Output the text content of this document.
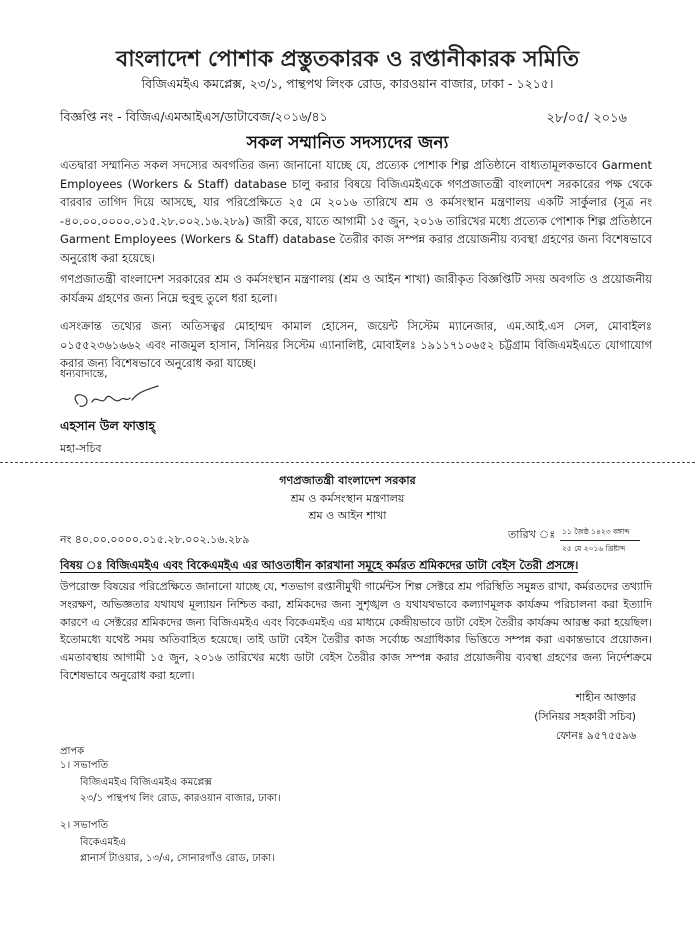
বাংলাদেশ পোশাক প্রস্তুতকারক ও রপ্তানীকারক সমিতি
বিজিএমইএ কমপ্লেক্স, ২৩/১, পান্থপথ লিংক রোড, কারওয়ান বাজার, ঢাকা - ১২১৫।
বিজ্ঞপ্তি নং - বিজিএ/এমআইএস/ডাটাবেজ/২০১৬/৪১	২৮/০৫/ ২০১৬
সকল সম্মানিত সদস্যদের জন্য
এতদ্বারা সম্মানিত সকল সদস্যের অবগতির জন্য জানানো যাচ্ছে যে, প্রত্যেক পোশাক শিল্প প্রতিষ্ঠানে বাধ্যতামূলকভাবে Garment Employees (Workers & Staff) database চালু করার বিষয়ে বিজিএমইএকে গণপ্রজাতন্ত্রী বাংলাদেশ সরকারের পক্ষ থেকে বারবার তাগিদ দিয়ে আসছে, যার পরিপ্রেক্ষিতে ২৫ মে ২০১৬ তারিখে শ্রম ও কর্মসংস্থান মন্ত্রণালয় একটি সার্কুলার (সূত্র নং -৪০.০০.০০০০.০১৫.২৮.০০২.১৬.২৮৯) জারী করে, যাতে আগামী ১৫ জুন, ২০১৬ তারিখের মধ্যে প্রত্যেক পোশাক শিল্প প্রতিষ্ঠানে Garment Employees (Workers & Staff) database তৈরীর কাজ সম্পন্ন করার প্রয়োজনীয় ব্যবস্থা গ্রহণের জন্য বিশেষভাবে অনুরোধ করা হয়েছে।
গণপ্রজাতন্ত্রী বাংলাদেশ সরকারের শ্রম ও কর্মসংস্থান মন্ত্রণালয় (শ্রম ও আইন শাখা) জারীকৃত বিজ্ঞপ্তিটি সদয় অবগতি ও প্রয়োজনীয় কার্যক্রম গ্রহণের জন্য নিম্নে হুবুহু তুলে ধরা হলো।
এসংক্রান্ত তথ্যের জন্য অতিসত্বর মোহাম্মদ কামাল হোসেন, জয়েন্ট সিস্টেম ম্যানেজার, এম.আই.এস সেল, মোবাইলঃ ০১৫৫২৩৬১৬৬২ এবং নাজমুল হাসান, সিনিয়র সিস্টেম এ্যানালিষ্ট, মোবাইলঃ ১৯১১৭১০৬৫২ চট্টগ্রাম বিজিএমইএতে যোগাযোগ করার জন্য বিশেষভাবে অনুরোধ করা যাচ্ছে।
ধন্যবাদান্তে,
এহসান উল ফাত্তাহ্
মহা-সচিব
গণপ্রজাতন্ত্রী বাংলাদেশ সরকার
শ্রম ও কর্মসংস্থান মন্ত্রণালয়
শ্রম ও আইন শাখা
নং ৪০.০০.০০০০.০১৫.২৮.০০২.১৬.২৮৯	তারিখ ঃ ১১ জৈষ্ঠ ১৪২৩ বঙ্গাব্দ
২৫ মে ২০১৬ খ্রিষ্টাব্দ
বিষয় ঃ বিজিএমইএ এবং বিকেএমইএ এর আওতাধীন কারখানা সমূহে কর্মরত শ্রমিকদের ডাটা বেইস তৈরী প্রসঙ্গে।
উপরোক্ত বিষয়ের পরিপ্রেক্ষিতে জানানো যাচ্ছে যে, শতভাগ রপ্তানীমুখী গার্মেন্টস শিল্প সেক্টরে শ্রম পরিস্থিতি সমুন্নত রাখা, কর্মরতদের তথ্যাদি সংরক্ষণ, অভিজ্ঞতার যথাযথ মূল্যায়ন নিশ্চিত করা, শ্রমিকদের জন্য সুশৃঙ্খল ও যথাযথভাবে কল্যাণমূলক কার্যক্রম পরিচালনা করা ইত্যাদি কারণে এ সেক্টরের শ্রমিকদের জন্য বিজিএমইএ এবং বিকেএমইএ এর মাধ্যমে কেন্দ্রীয়ভাবে ডাটা বেইস তৈরীর কার্যক্রম আরম্ভ করা হয়েছিল। ইতোমধ্যে যথেষ্ট সময় অতিবাহিত হয়েছে। তাই ডাটা বেইস তৈরীর কাজ সর্বোচ্চ অগ্রাধিকার ভিত্তিতে সম্পন্ন করা একান্তভাবে প্রয়োজন। এমতাবস্থায় আগামী ১৫ জুন, ২০১৬ তারিখের মধ্যে ডাটা বেইস তৈরীর কাজ সম্পন্ন করার প্রয়োজনীয় ব্যবস্থা গ্রহণের জন্য নির্দেশক্রমে বিশেষভাবে অনুরোধ করা হলো।
শাহীন আক্তার
(সিনিয়র সহকারী সচিব)
ফোনঃ ৯৫৭৫৫৯৬
প্রাপক
১। সভাপতি
বিজিএমইএ বিজিএমইএ কমপ্লেক্স
২৩/১ পান্থপথ লিং রোড, কারওয়ান বাজার, ঢাকা।
২। সভাপতি
বিকেএমইএ
প্লানার্স টাওয়ার, ১৩/এ, সোনারগাঁও রোড, ঢাকা।
